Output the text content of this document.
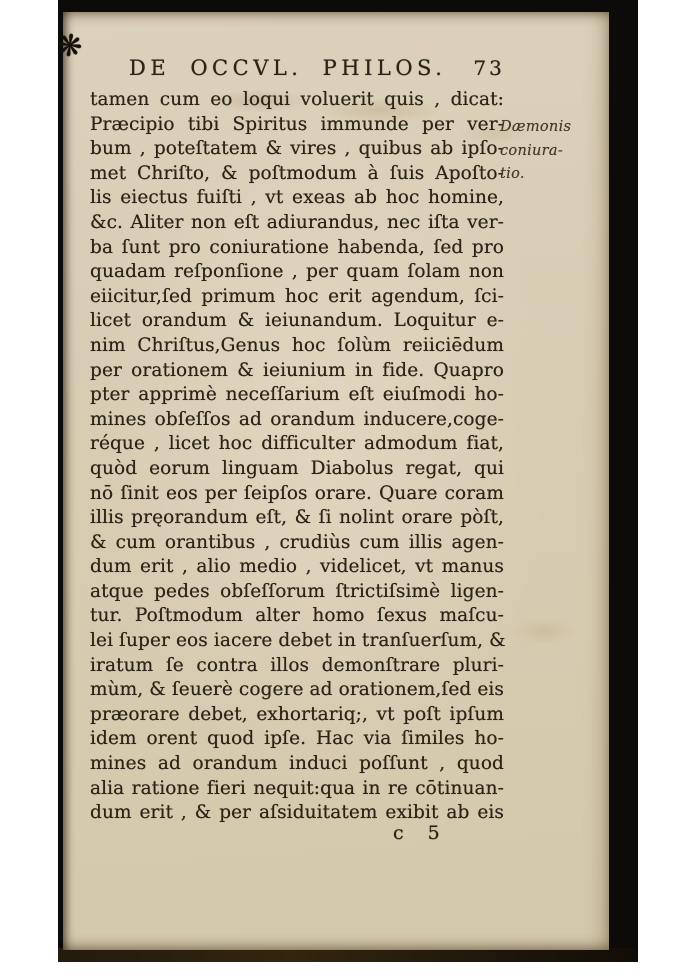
❋
DE OCCVL. PHILOS. 73
tamen cum eo loqui voluerit quis , dicat:
Præcipio tibi Spiritus immunde per ver-
bum , poteſtatem & vires , quibus ab ipſo-
met Chriſto, & poſtmodum à ſuis Apoſto-
lis eiectus fuiſti , vt exeas ab hoc homine,
&c. Aliter non eſt adiurandus, nec iſta ver-
ba ſunt pro coniuratione habenda, ſed pro
quadam reſponſione , per quam ſolam non
eiicitur,ſed primum hoc erit agendum, ſci-
licet orandum & ieiunandum. Loquitur e-
nim Chriſtus,Genus hoc ſolùm reiiciēdum
per orationem & ieiunium in fide. Quapro
pter apprimè neceſſarium eſt eiuſmodi ho-
mines obſeſſos ad orandum inducere,coge-
réque , licet hoc difficulter admodum fiat,
quòd eorum linguam Diabolus regat, qui
nō ſinit eos per ſeipſos orare. Quare coram
illis pręorandum eſt, & ſi nolint orare pòſt,
& cum orantibus , crudiùs cum illis agen-
dum erit , alio medio , videlicet, vt manus
atque pedes obſeſſorum ſtrictiſsimè ligen-
tur. Poſtmodum alter homo ſexus maſcu-
lei ſuper eos iacere debet in tranſuerſum, &
iratum ſe contra illos demonſtrare pluri-
mùm, & ſeuerè cogere ad orationem,ſed eis
præorare debet, exhortariq;, vt poſt ipſum
idem orent quod ipſe. Hac via ſimiles ho-
mines ad orandum induci poſſunt , quod
alia ratione fieri nequit:qua in re cōtinuan-
dum erit , & per aſsiduitatem exibit ab eis
Dæmonis
coniura-
tio.
c 5
